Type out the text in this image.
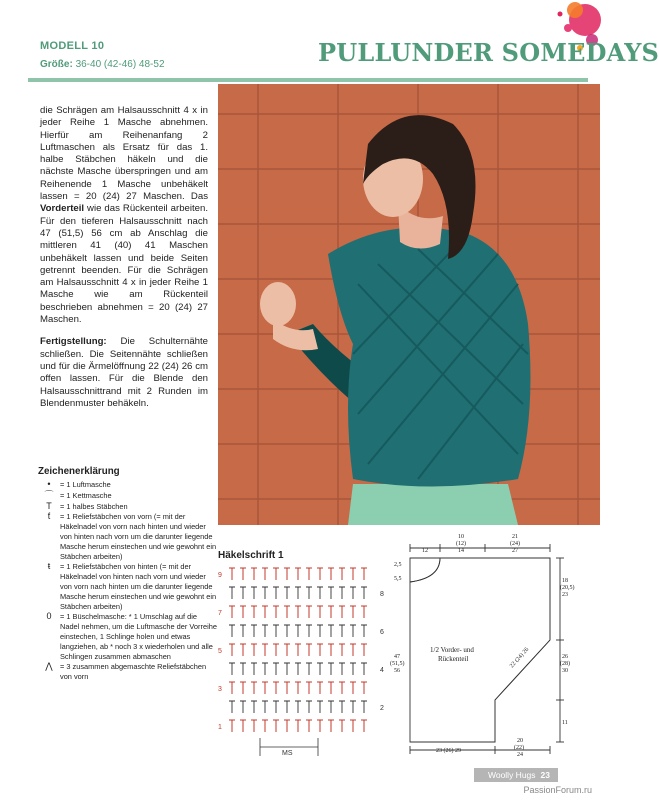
MODELL 10
Größe: 36-40 (42-46) 48-52	PULLUNDER SOMEDAYS

die Schrägen am Halsausschnitt 4 x in jeder Reihe 1 Masche abnehmen. Hierfür am Reihenanfang 2 Luftmaschen als Ersatz für das 1. halbe Stäbchen häkeln und die nächste Masche überspringen und am Reihenende 1 Masche unbehäkelt lassen = 20 (24) 27 Maschen. Das Vorderteil wie das Rückenteil arbeiten. Für den tieferen Halsausschnitt nach 47 (51,5) 56 cm ab Anschlag die mittleren 41 (40) 41 Maschen unbehäkelt lassen und beide Seiten getrennt beenden. Für die Schrägen am Halsausschnitt 4 x in jeder Reihe 1 Masche wie am Rückenteil beschrieben abnehmen = 20 (24) 27 Maschen.

Fertigstellung: Die Schulternähte schließen. Die Seitennähte schließen und für die Ärmelöffnung 22 (24) 26 cm offen lassen. Für die Blende den Halsausschnittrand mit 2 Runden im Blendenmuster behäkeln.

Zeichenerklärung
•	= 1 Luftmasche
⌒ = 1 Kettmasche
T	= 1 halbes Stäbchen
ƭ	= 1 Reliefstäbchen von vorn (= mit der Häkelnadel von vorn nach hinten und wieder von hinten nach vorn um die darunter liegende Masche herum einstechen und wie gewohnt ein Stäbchen arbeiten)
ŧ	= 1 Reliefstäbchen von hinten (= mit der Häkelnadel von hinten nach vorn und wieder von vorn nach hinten um die darunter liegende Masche herum einstechen und wie gewohnt ein Stäbchen arbeiten)
0	= 1 Büschelmasche: * 1 Umschlag auf die Nadel nehmen, um die Luftmasche der Vorreihe einstechen, 1 Schlinge holen und etwas langziehen, ab * noch 3 x wiederholen und alle Schlingen zusammen abmaschen
⋀ = 3 zusammen abgemaschte Reliefstäbchen von vorn
Häkelschrift 1
9
7
5
3
1
8
6
4
2
MS
12
10
(12)
14
21
(24)
27
2,5
5,5
47
(51,5)
56
18
(20,5)
23
26
(28)
30
11
22 (24) 26
1/2 Vorder- und
Rückenteil
23 (26) 29
20
(22)
24
Woolly Hugs 23
PassionForum.ru
